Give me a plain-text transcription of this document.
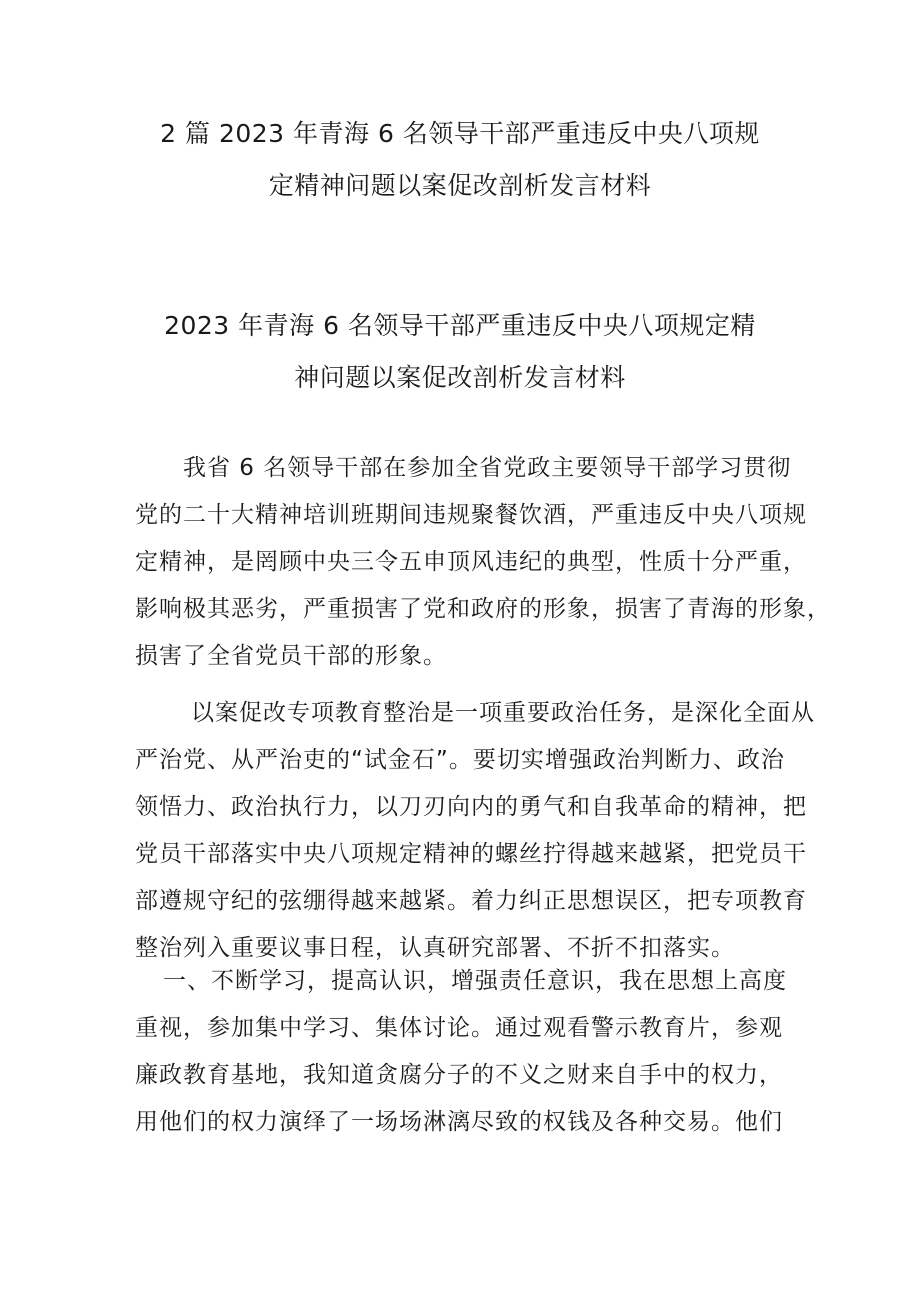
2 篇 2023 年青海 6 名领导干部严重违反中央八项规
定精神问题以案促改剖析发言材料
2023 年青海 6 名领导干部严重违反中央八项规定精
神问题以案促改剖析发言材料
我省 6 名领导干部在参加全省党政主要领导干部学习贯彻
党的二十大精神培训班期间违规聚餐饮酒，严重违反中央八项规
定精神，是罔顾中央三令五申顶风违纪的典型，性质十分严重，
影响极其恶劣，严重损害了党和政府的形象，损害了青海的形象，
损害了全省党员干部的形象。
以案促改专项教育整治是一项重要政治任务，是深化全面从
严治党、从严治吏的“试金石”。要切实增强政治判断力、政治
领悟力、政治执行力，以刀刃向内的勇气和自我革命的精神，把
党员干部落实中央八项规定精神的螺丝拧得越来越紧，把党员干
部遵规守纪的弦绷得越来越紧。着力纠正思想误区，把专项教育
整治列入重要议事日程，认真研究部署、不折不扣落实。
一、不断学习，提高认识，增强责任意识，我在思想上高度
重视，参加集中学习、集体讨论。通过观看警示教育片，参观
廉政教育基地，我知道贪腐分子的不义之财来自手中的权力，
用他们的权力演绎了一场场淋漓尽致的权钱及各种交易。他们
